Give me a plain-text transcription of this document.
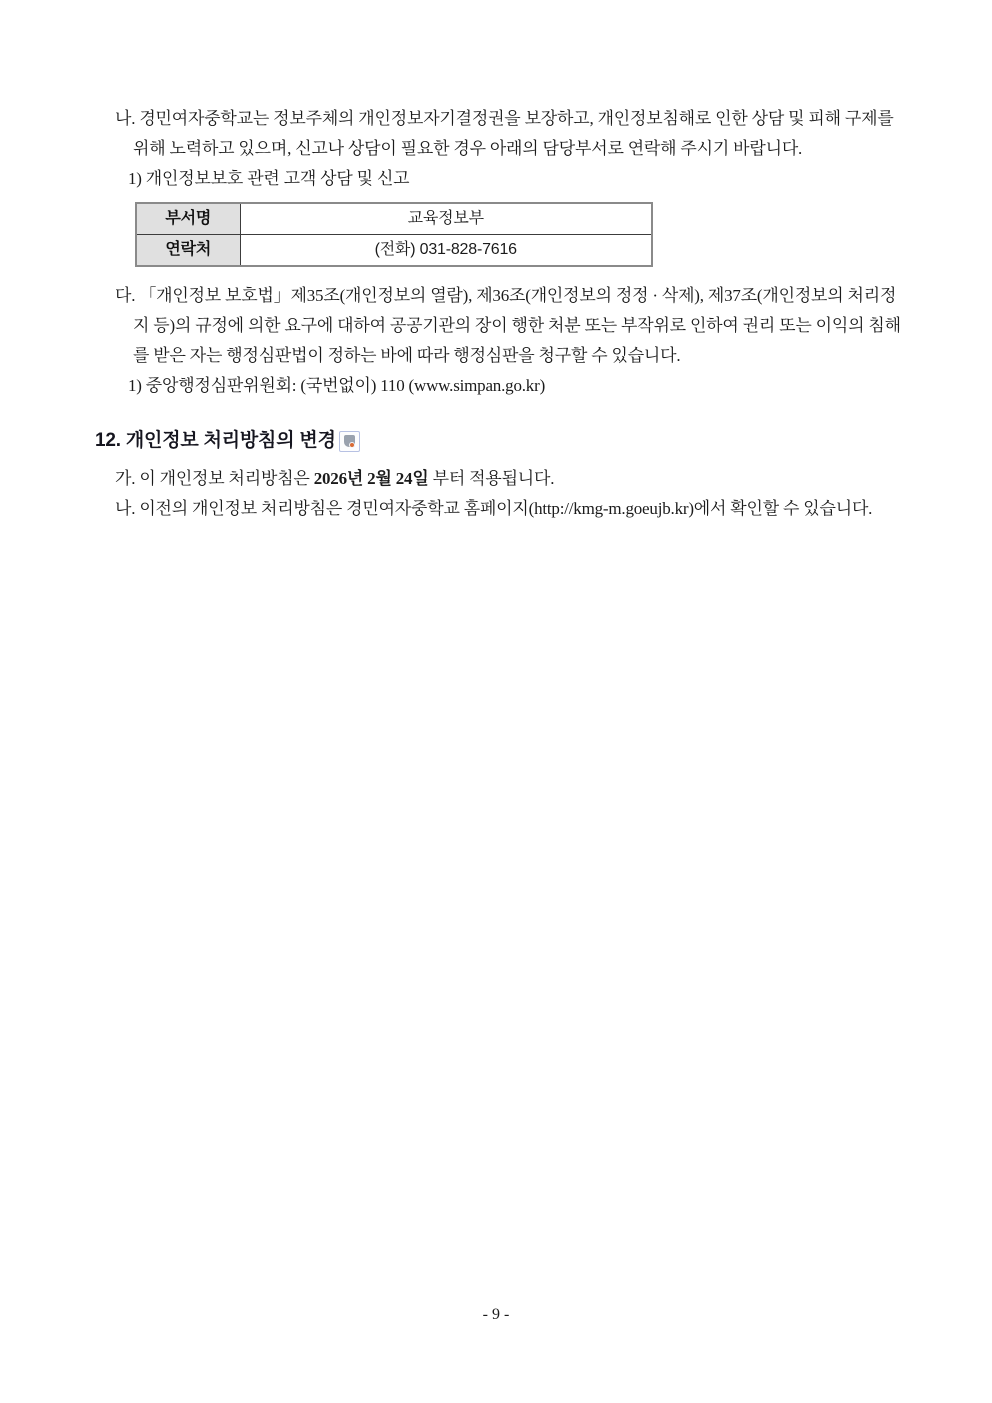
나. 경민여자중학교는 정보주체의 개인정보자기결정권을 보장하고, 개인정보침해로 인한 상담 및 피해 구제를 위해 노력하고 있으며, 신고나 상담이 필요한 경우 아래의 담당부서로 연락해 주시기 바랍니다.

1) 개인정보보호 관련 고객 상담 및 신고

부서명	교육정보부
연락처	(전화) 031-828-7616

다. 「개인정보 보호법」제35조(개인정보의 열람), 제36조(개인정보의 정정 · 삭제), 제37조(개인정보의 처리정지 등)의 규정에 의한 요구에 대하여 공공기관의 장이 행한 처분 또는 부작위로 인하여 권리 또는 이익의 침해를 받은 자는 행정심판법이 정하는 바에 따라 행정심판을 청구할 수 있습니다.

1) 중앙행정심판위원회: (국번없이) 110 (www.simpan.go.kr)

12. 개인정보 처리방침의 변경

가. 이 개인정보 처리방침은 2026년 2월 24일 부터 적용됩니다.

나. 이전의 개인정보 처리방침은 경민여자중학교 홈페이지(http://kmg-m.goeujb.kr)에서 확인할 수 있습니다.

- 9 -
